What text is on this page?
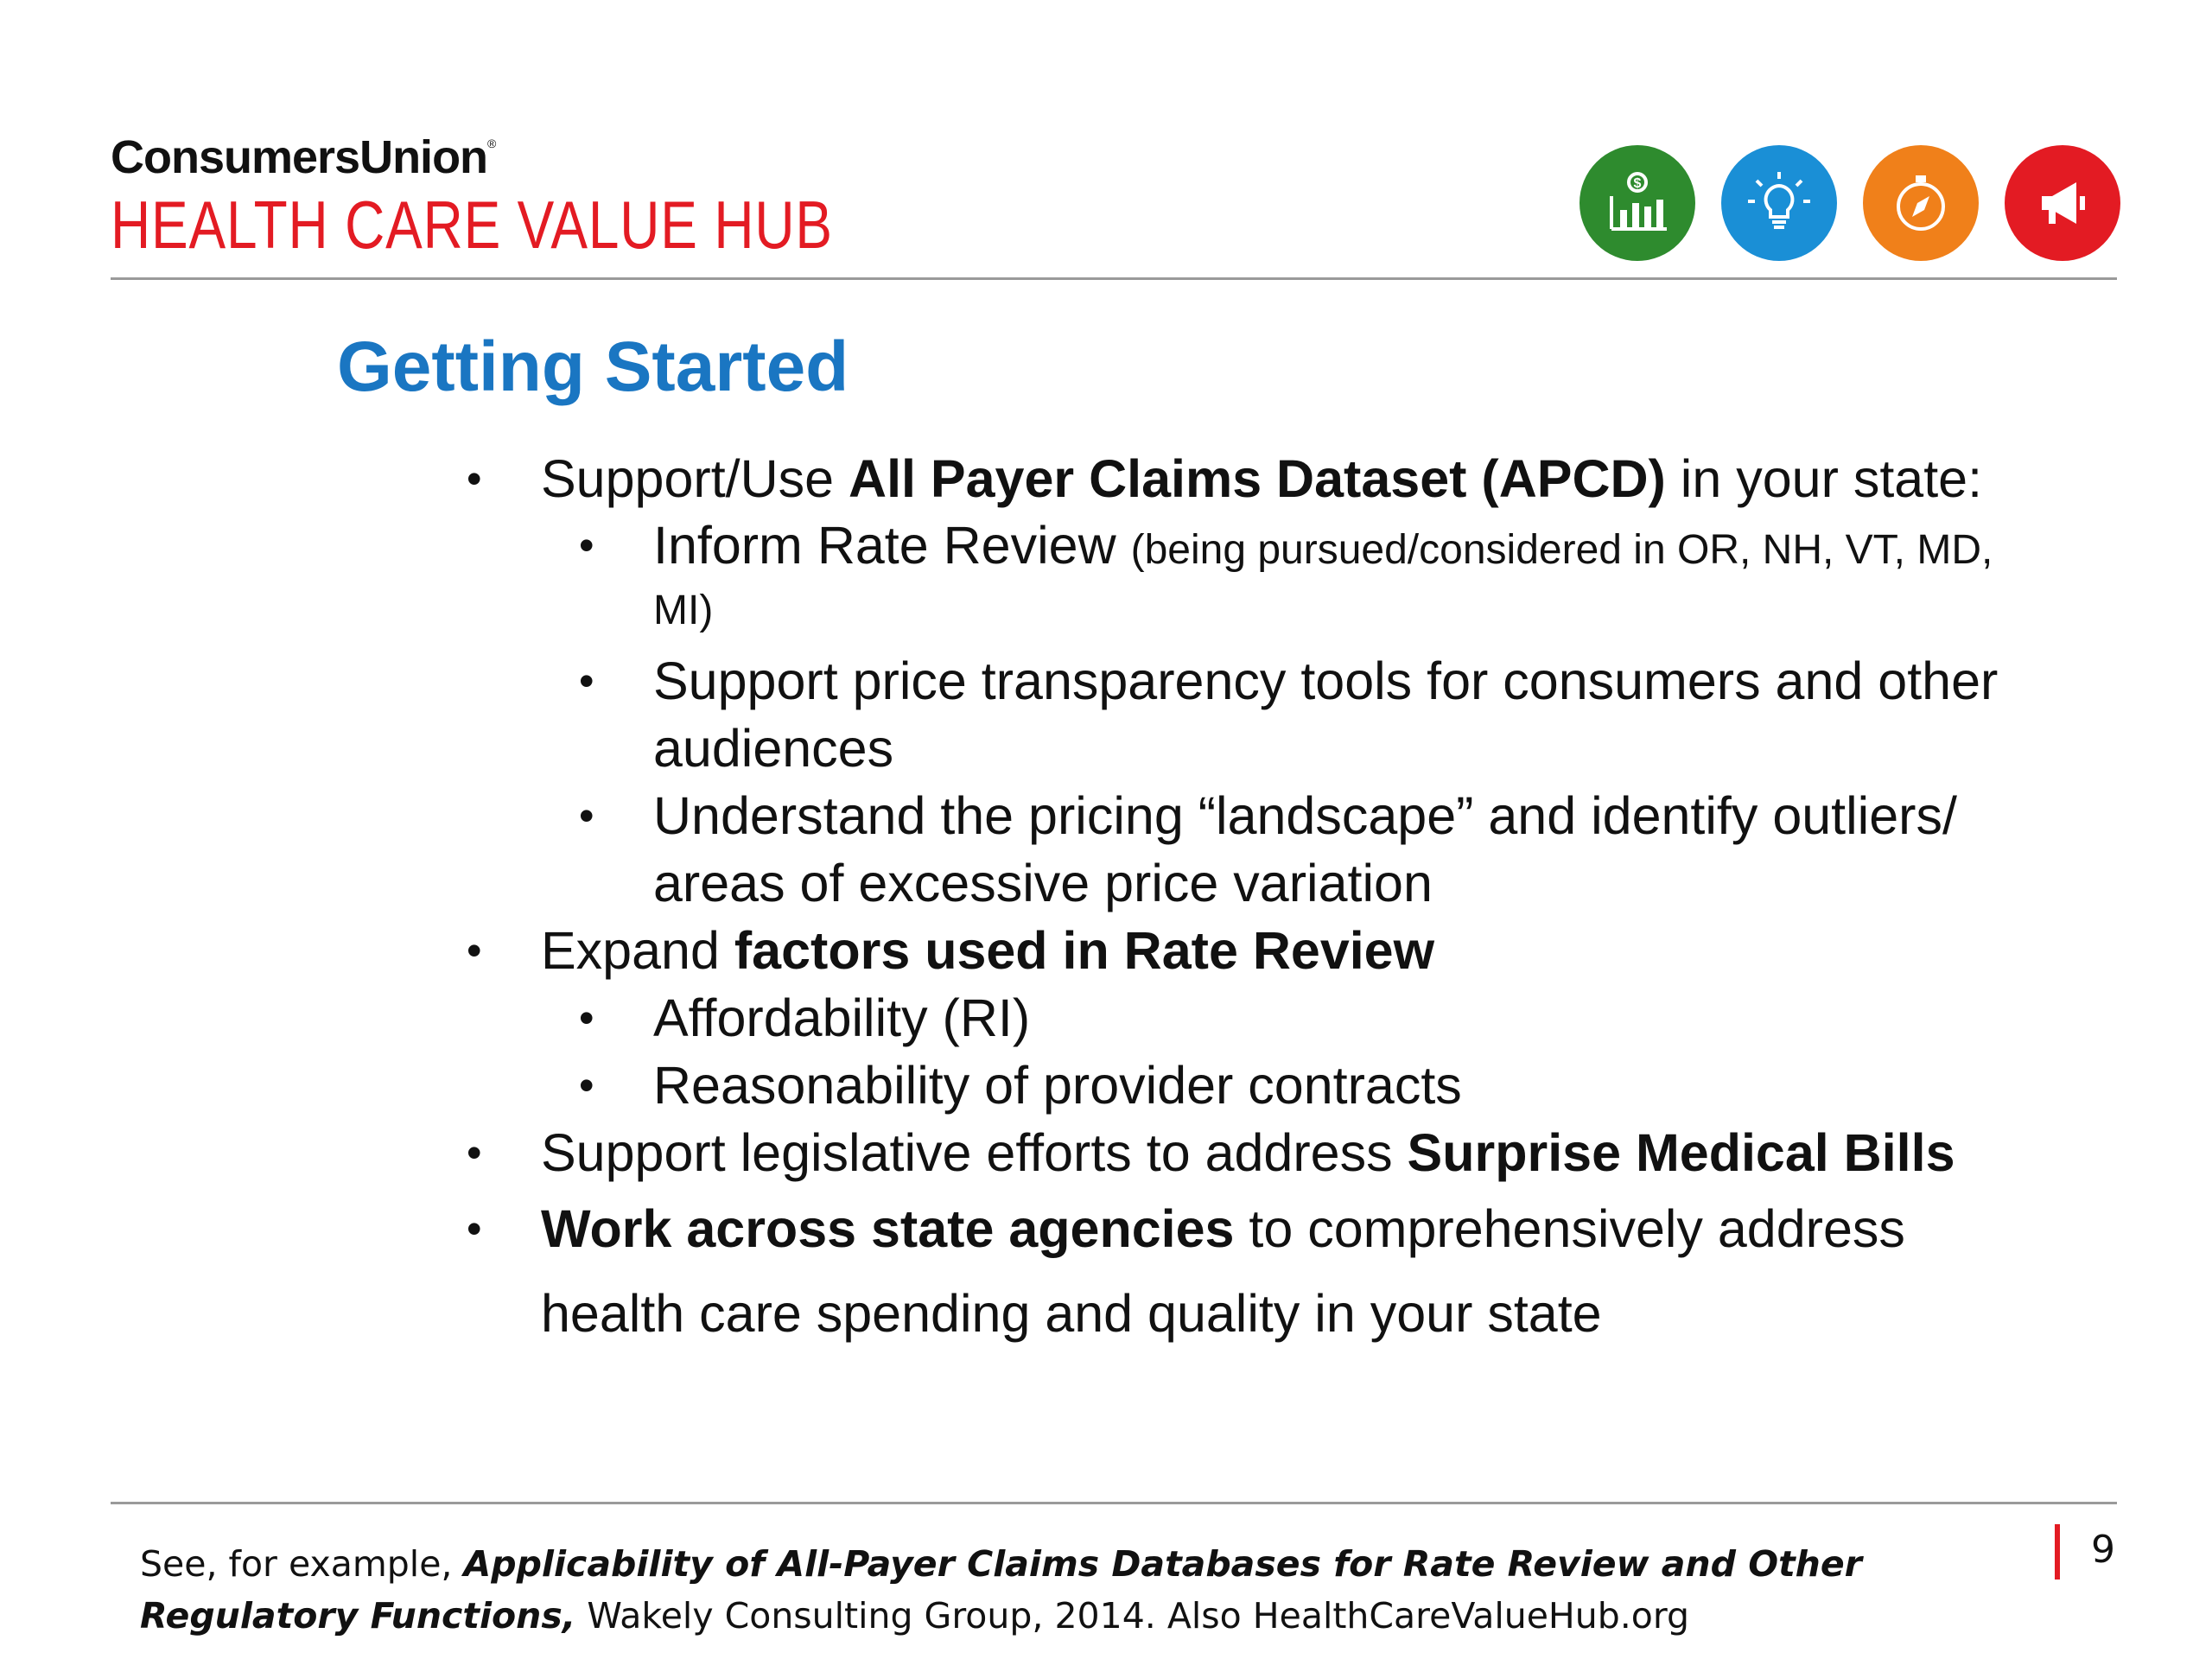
ConsumersUnion®
HEALTH CARE VALUE HUB
$
Getting Started
• Support/Use All Payer Claims Dataset (APCD) in your state:
• Inform Rate Review (being pursued/considered in OR, NH, VT, MD, MI)
• Support price transparency tools for consumers and other audiences
• Understand the pricing “landscape” and identify outliers/ areas of excessive price variation
• Expand factors used in Rate Review
• Affordability (RI)
• Reasonability of provider contracts
• Support legislative efforts to address Surprise Medical Bills
• Work across state agencies to comprehensively address
health care spending and quality in your state
See, for example, Applicability of All-Payer Claims Databases for Rate Review and Other Regulatory Functions, Wakely Consulting Group, 2014. Also HealthCareValueHub.org
9
